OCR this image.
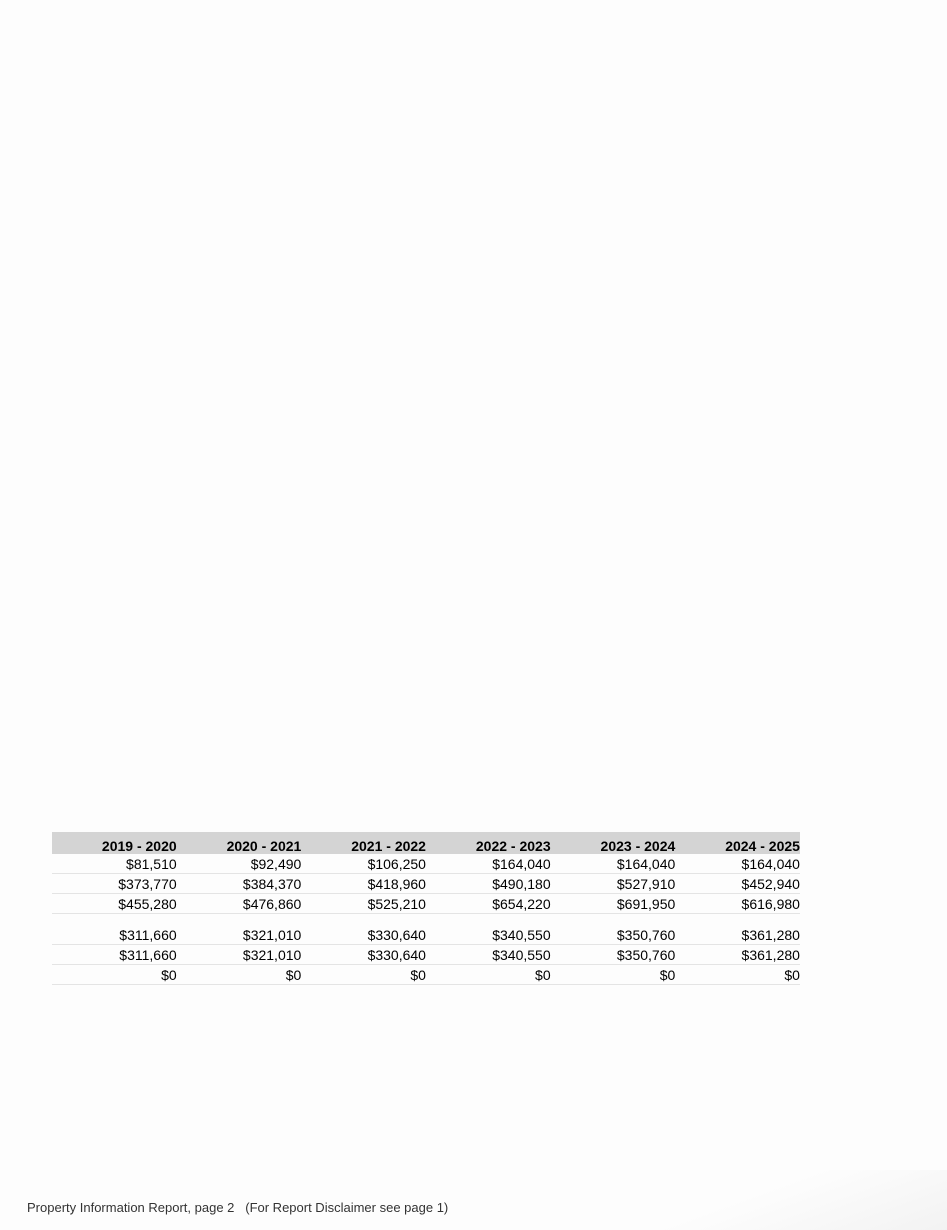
2019 - 2020	2020 - 2021	2021 - 2022	2022 - 2023	2023 - 2024	2024 - 2025
$81,510	$92,490	$106,250	$164,040	$164,040	$164,040
$373,770	$384,370	$418,960	$490,180	$527,910	$452,940
$455,280	$476,860	$525,210	$654,220	$691,950	$616,980
$311,660	$321,010	$330,640	$340,550	$350,760	$361,280
$311,660	$321,010	$330,640	$340,550	$350,760	$361,280
$0	$0	$0	$0	$0	$0
Property Information Report, page 2 (For Report Disclaimer see page 1)
